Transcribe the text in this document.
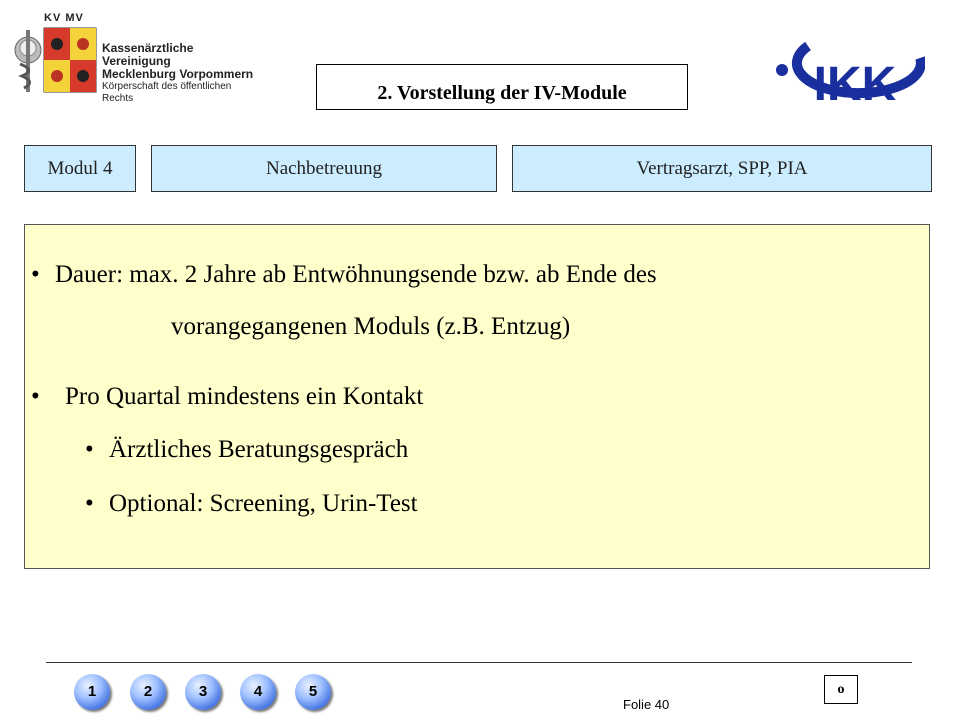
KV MV
Kassenärztliche Vereinigung
Mecklenburg Vorpommern
Körperschaft des öffentlichen Rechts	IKK
2. Vorstellung der IV-Module
Modul 4	Nachbetreuung	Vertragsarzt, SPP, PIA
• Dauer: max. 2 Jahre ab Entwöhnungsende bzw. ab Ende des
vorangegangenen Moduls (z.B. Entzug)
• Pro Quartal mindestens ein Kontakt
• Ärztliches Beratungsgespräch
• Optional: Screening, Urin-Test
1	2	3	4	5
Folie 40
o
